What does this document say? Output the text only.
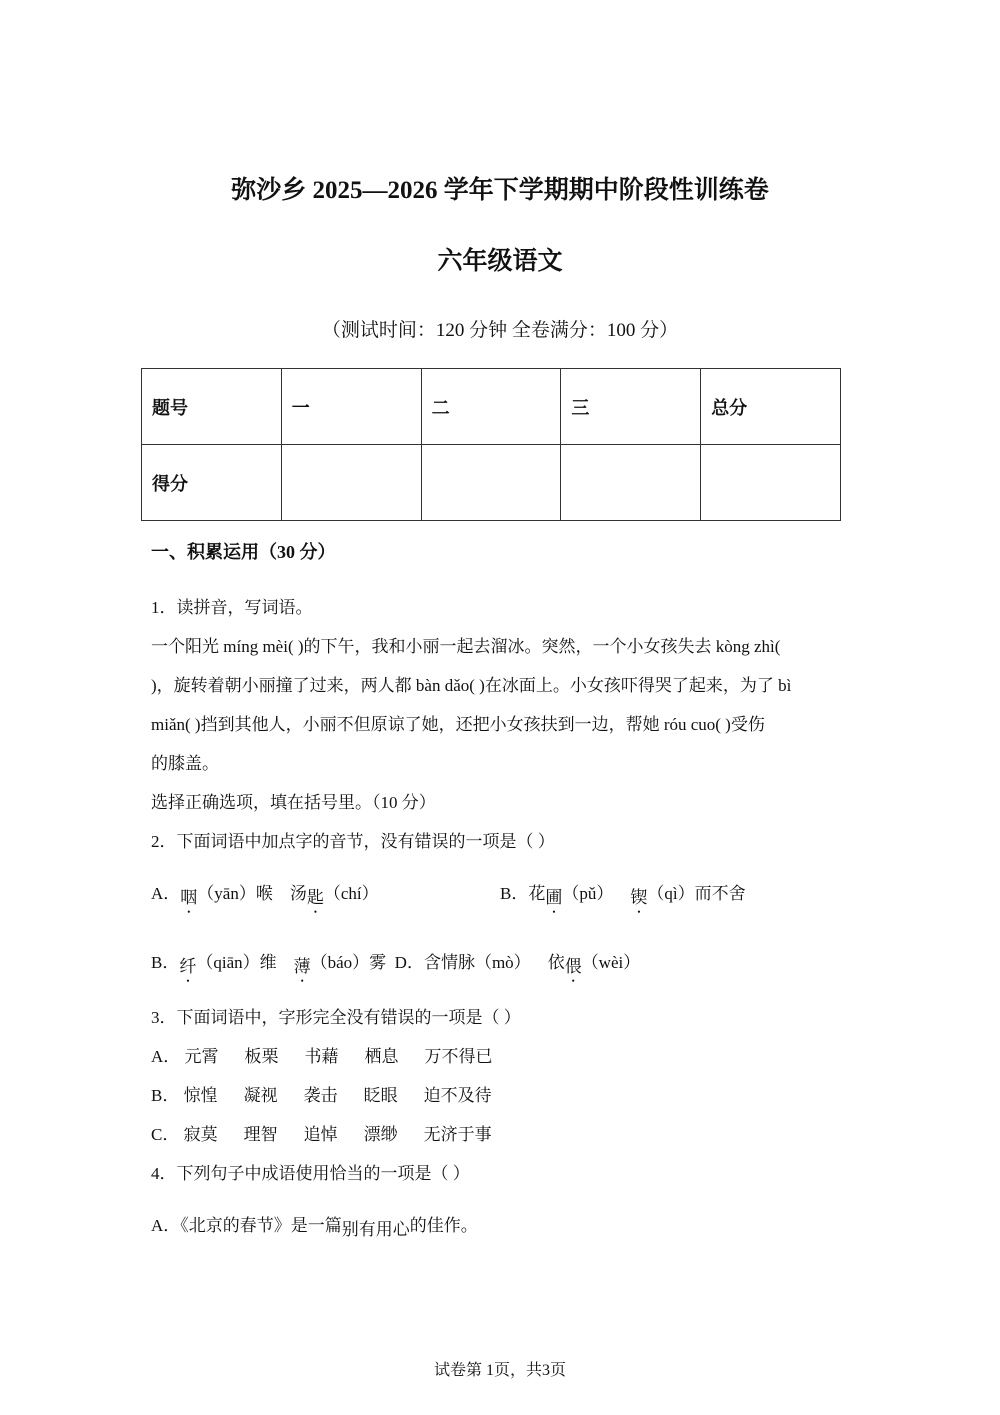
弥沙乡 2025—2026 学年下学期期中阶段性训练卷
六年级语文
（测试时间：120 分钟 全卷满分：100 分）
题号	一	二	三	总分
得分				
一、积累运用（30 分）
1．读拼音，写词语。
一个阳光 míng mèi( )的下午，我和小丽一起去溜冰。突然，一个小女孩失去 kòng zhì(
)，旋转着朝小丽撞了过来，两人都 bàn dǎo( )在冰面上。小女孩吓得哭了起来，为了 bì
miǎn( )挡到其他人，小丽不但原谅了她，还把小女孩扶到一边，帮她 róu cuo( )受伤
的膝盖。
选择正确选项，填在括号里。（10 分）
2．下面词语中加点字的音节，没有错误的一项是（ ）
A．咽（yān）喉 汤匙（chí）	B．花圃（pǔ） 锲（qì）而不舍
B．纤（qiān）维 薄（báo）雾 D．含情脉（mò） 依偎（wèi）
3．下面词语中，字形完全没有错误的一项是（ ）
A． 元霄 板栗 书藉 栖息 万不得已
B． 惊惶 凝视 袭击 眨眼 迫不及待
C． 寂莫 理智 追悼 漂缈 无济于事
4．下列句子中成语使用恰当的一项是（ ）
A．《北京的春节》是一篇别有用心的佳作。
试卷第 1页，共3页
